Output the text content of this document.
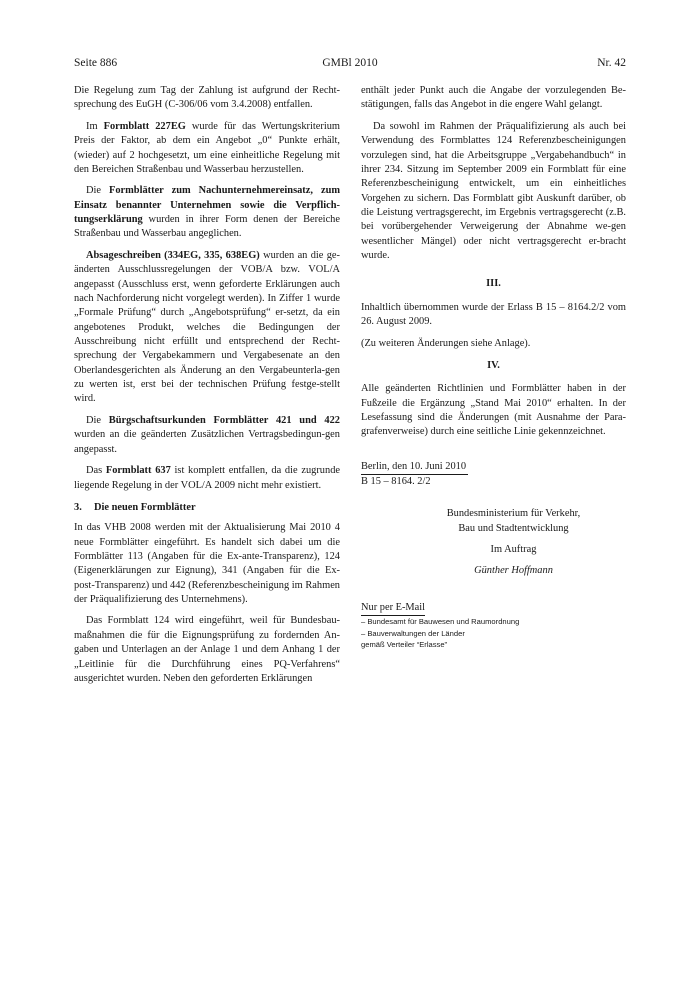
Seite 886	GMBl 2010	Nr. 42

Die Regelung zum Tag der Zahlung ist aufgrund der Recht-sprechung des EuGH (C-306/06 vom 3.4.2008) entfallen.

Im Formblatt 227EG wurde für das Wertungskriterium Preis der Faktor, ab dem ein Angebot „0“ Punkte erhält, (wieder) auf 2 hochgesetzt, um eine einheitliche Regelung mit den Bereichen Straßenbau und Wasserbau herzustellen.

Die Formblätter zum Nachunternehmereinsatz, zum Einsatz benannter Unternehmen sowie die Verpflich-tungserklärung wurden in ihrer Form denen der Bereiche Straßenbau und Wasserbau angeglichen.

Absageschreiben (334EG, 335, 638EG) wurden an die ge-änderten Ausschlussregelungen der VOB/A bzw. VOL/A angepasst (Ausschluss erst, wenn geforderte Erklärungen auch nach Nachforderung nicht vorgelegt werden). In Ziffer 1 wurde „Formale Prüfung“ durch „Angebotsprüfung“ er-setzt, da ein angebotenes Produkt, welches die Bedingungen der Ausschreibung nicht erfüllt und entsprechend der Recht-sprechung der Vergabekammern und Vergabesenate an den Oberlandesgerichten als Änderung an den Vergabeunterla-gen zu werten ist, erst bei der technischen Prüfung festge-stellt wird.

Die Bürgschaftsurkunden Formblätter 421 und 422 wurden an die geänderten Zusätzlichen Vertragsbedingun-gen angepasst.

Das Formblatt 637 ist komplett entfallen, da die zugrunde liegende Regelung in der VOL/A 2009 nicht mehr existiert.

3. Die neuen Formblätter

In das VHB 2008 werden mit der Aktualisierung Mai 2010 4 neue Formblätter eingeführt. Es handelt sich dabei um die Formblätter 113 (Angaben für die Ex-ante-Transparenz), 124 (Eigenerklärungen zur Eignung), 341 (Angaben für die Ex-post-Transparenz) und 442 (Referenzbescheinigung im Rahmen der Präqualifizierung des Unternehmens).

Das Formblatt 124 wird eingeführt, weil für Bundesbau-maßnahmen die für die Eignungsprüfung zu fordernden An-gaben und Unterlagen an der Anlage 1 und dem Anhang 1 der „Leitlinie für die Durchführung eines PQ-Verfahrens“ ausgerichtet wurden. Neben den geforderten Erklärungen

enthält jeder Punkt auch die Angabe der vorzulegenden Be-stätigungen, falls das Angebot in die engere Wahl gelangt.

Da sowohl im Rahmen der Präqualifizierung als auch bei Verwendung des Formblattes 124 Referenzbescheinigungen vorzulegen sind, hat die Arbeitsgruppe „Vergabehandbuch“ in ihrer 234. Sitzung im September 2009 ein Formblatt für eine Referenzbescheinigung entwickelt, um ein einheitliches Vorgehen zu sichern. Das Formblatt gibt Auskunft darüber, ob die Leistung vertragsgerecht, im Ergebnis vertragsgerecht (z.B. bei vorübergehender Verweigerung der Abnahme we-gen wesentlicher Mängel) oder nicht vertragsgerecht er-bracht wurde.

III.

Inhaltlich übernommen wurde der Erlass B 15 – 8164.2/2 vom 26. August 2009.

(Zu weiteren Änderungen siehe Anlage).

IV.

Alle geänderten Richtlinien und Formblätter haben in der Fußzeile die Ergänzung „Stand Mai 2010“ erhalten. In der Lesefassung sind die Änderungen (mit Ausnahme der Para-grafenverweise) durch eine seitliche Linie gekennzeichnet.

Berlin, den 10. Juni 2010
B 15 – 8164. 2/2
Bundesministerium für Verkehr,
Bau und Stadtentwicklung
Im Auftrag
Günther Hoffmann
Nur per E-Mail

– Bundesamt für Bauwesen und Raumordnung

– Bauverwaltungen der Länder

gemäß Verteiler “Erlasse”
